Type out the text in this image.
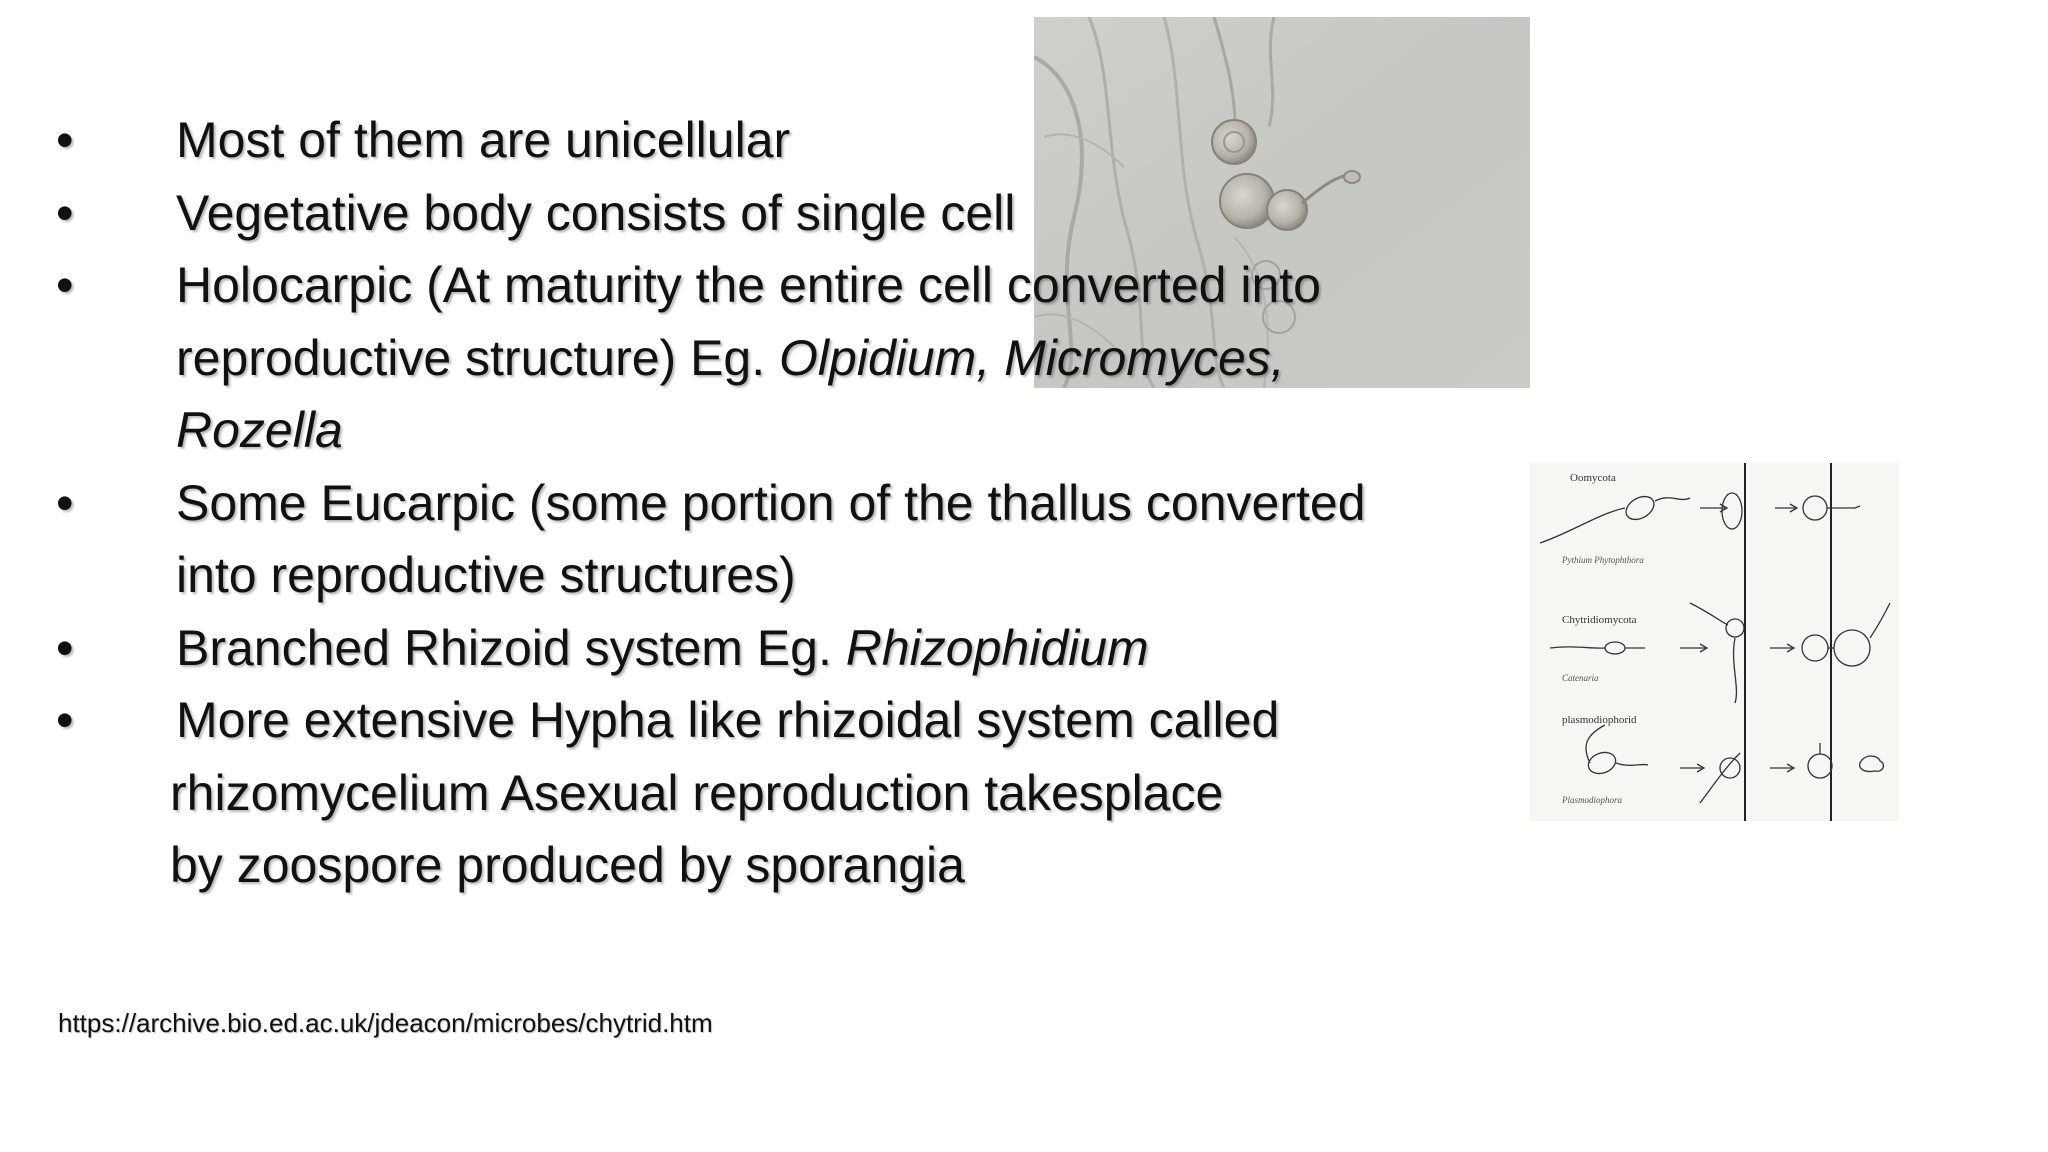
Oomycota
Pythium Phytophthora
Chytridiomycota
Catenaria
plasmodiophorid
Plasmodiophora
•	Most of them are unicellular
•	Vegetative body consists of single cell
•	Holocarpic (At maturity the entire cell converted into
reproductive structure) Eg. Olpidium, Micromyces,
Rozella
•	Some Eucarpic (some portion of the thallus converted
into reproductive structures)
•	Branched Rhizoid system Eg. Rhizophidium
•	More extensive Hypha like rhizoidal system called
rhizomycelium Asexual reproduction takesplace
by zoospore produced by sporangia
https://archive.bio.ed.ac.uk/jdeacon/microbes/chytrid.htm
